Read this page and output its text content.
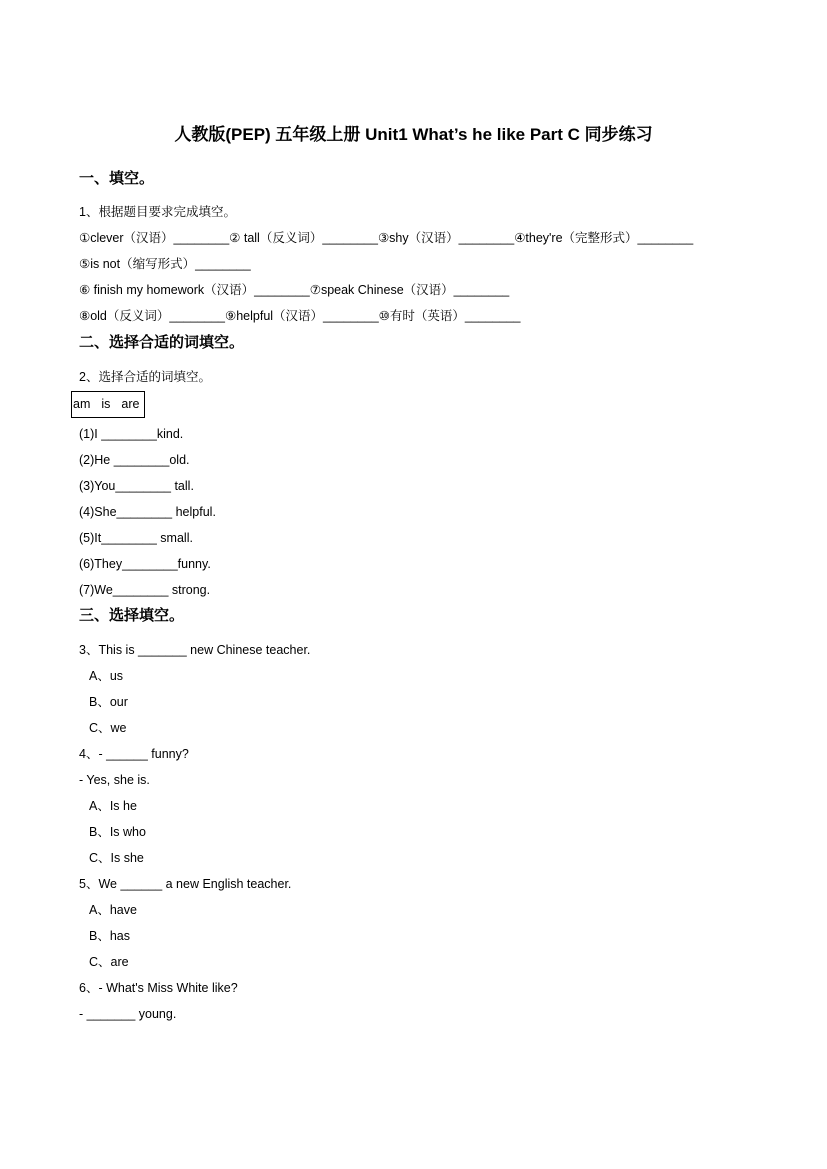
人教版(PEP) 五年级上册 Unit1 What’s he like Part C 同步练习
一、填空。
1、根据题目要求完成填空。
①clever（汉语）________② tall（反义词）________③shy（汉语）________④they're（完整形式）________
⑤is not（缩写形式）________
⑥ finish my homework（汉语）________⑦speak Chinese（汉语）________
⑧old（反义词）________⑨helpful（汉语）________⑩有时（英语）________
二、选择合适的词填空。
2、选择合适的词填空。
am is are
(1)I ________kind.
(2)He ________old.
(3)You________ tall.
(4)She________ helpful.
(5)It________ small.
(6)They________funny.
(7)We________ strong.
三、选择填空。
3、This is _______ new Chinese teacher.
A、us
B、our
C、we
4、- ______ funny?
- Yes, she is.
A、Is he
B、Is who
C、Is she
5、We ______ a new English teacher.
A、have
B、has
C、are
6、- What's Miss White like?
- _______ young.
